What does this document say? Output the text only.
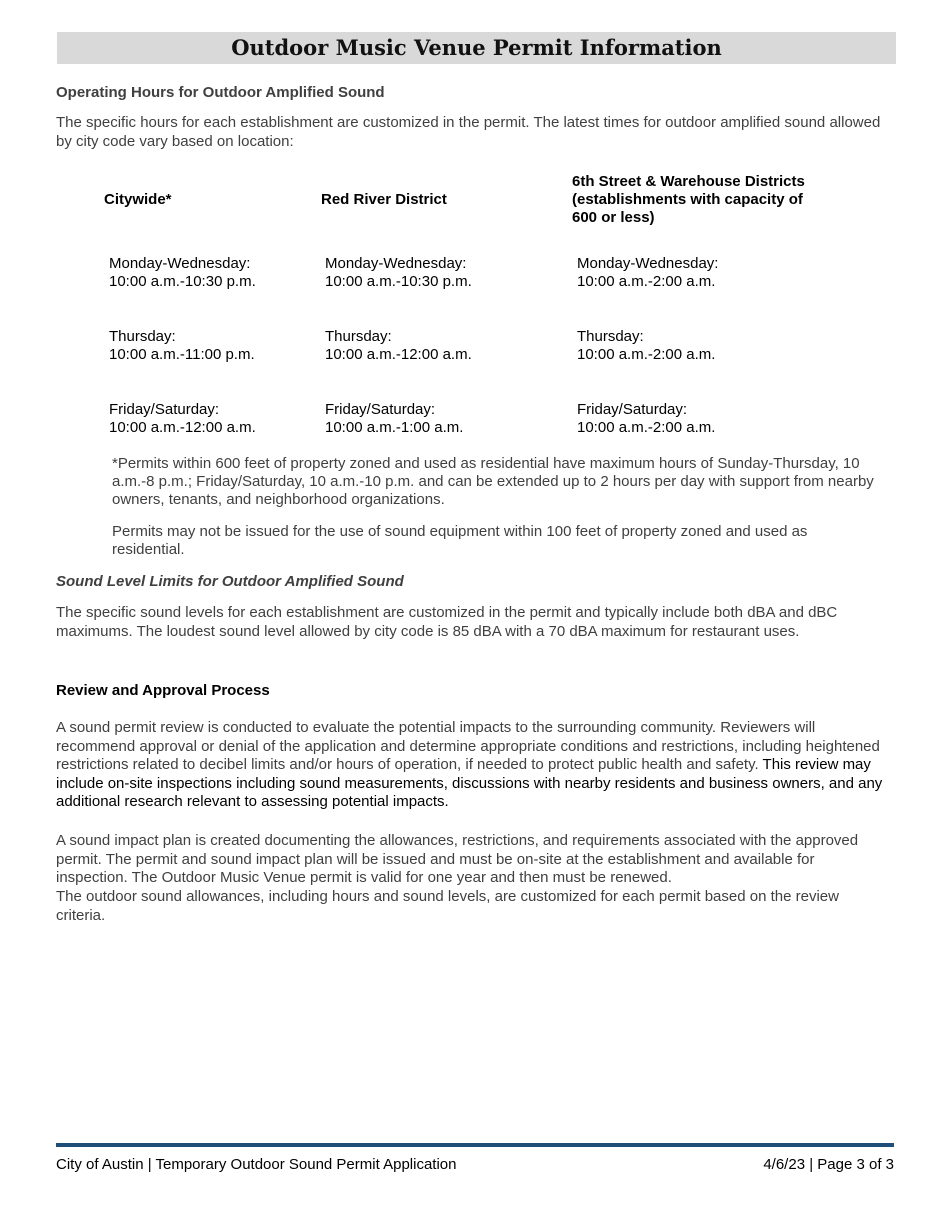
Outdoor Music Venue Permit Information
Operating Hours for Outdoor Amplified Sound

The specific hours for each establishment are customized in the permit. The latest times for outdoor amplified sound allowed by city code vary based on location:

Citywide*	Red River District
6th Street & Warehouse Districts
(establishments with capacity of
600 or less)
Monday-Wednesday:
10:00 a.m.-10:30 p.m.
Thursday:
10:00 a.m.-11:00 p.m.
Friday/Saturday:
10:00 a.m.-12:00 a.m.
Monday-Wednesday:
10:00 a.m.-10:30 p.m.
Thursday:
10:00 a.m.-12:00 a.m.
Friday/Saturday:
10:00 a.m.-1:00 a.m.
Monday-Wednesday:
10:00 a.m.-2:00 a.m.
Thursday:
10:00 a.m.-2:00 a.m.
Friday/Saturday:
10:00 a.m.-2:00 a.m.

*Permits within 600 feet of property zoned and used as residential have maximum hours of Sunday-Thursday, 10 a.m.-8 p.m.; Friday/Saturday, 10 a.m.-10 p.m. and can be extended up to 2 hours per day with support from nearby owners, tenants, and neighborhood organizations.

Permits may not be issued for the use of sound equipment within 100 feet of property zoned and used as residential.

Sound Level Limits for Outdoor Amplified Sound

The specific sound levels for each establishment are customized in the permit and typically include both dBA and dBC maximums. The loudest sound level allowed by city code is 85 dBA with a 70 dBA maximum for restaurant uses.

Review and Approval Process

A sound permit review is conducted to evaluate the potential impacts to the surrounding community. Reviewers will recommend approval or denial of the application and determine appropriate conditions and restrictions, including heightened restrictions related to decibel limits and/or hours of operation, if needed to protect public health and safety. This review may include on-site inspections including sound measurements, discussions with nearby residents and business owners, and any additional research relevant to assessing potential impacts.

A sound impact plan is created documenting the allowances, restrictions, and requirements associated with the approved permit. The permit and sound impact plan will be issued and must be on-site at the establishment and available for inspection. The Outdoor Music Venue permit is valid for one year and then must be renewed.

The outdoor sound allowances, including hours and sound levels, are customized for each permit based on the review criteria.

City of Austin | Temporary Outdoor Sound Permit Application	4/6/23 | Page 3 of 3
